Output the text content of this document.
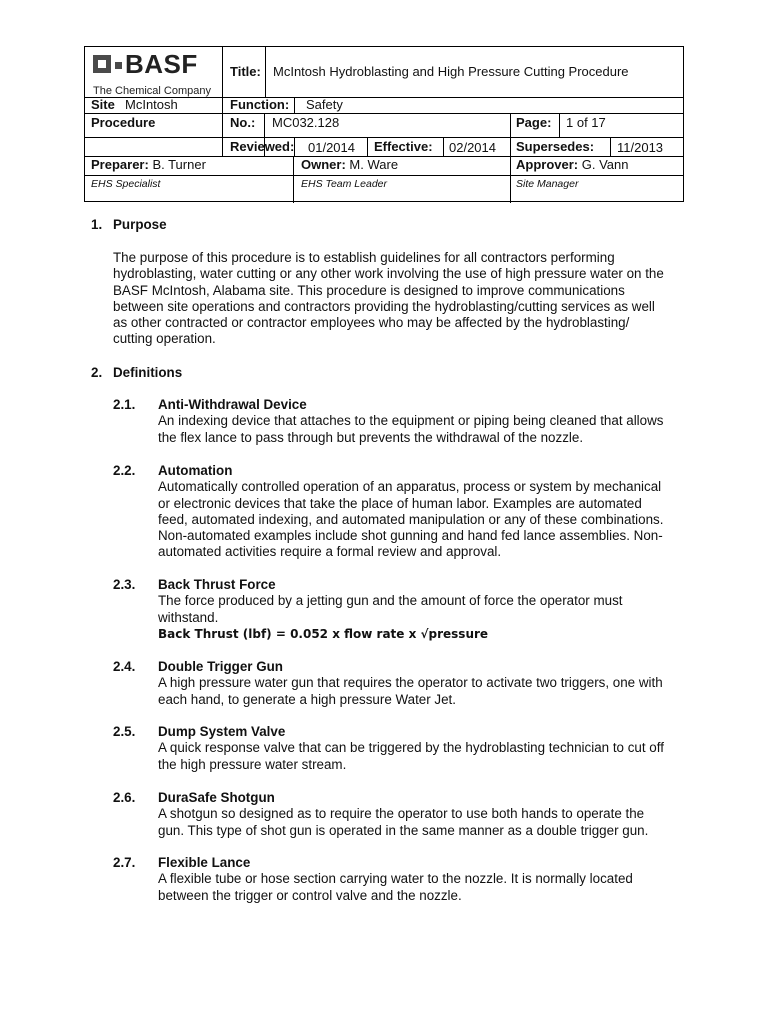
BASF
The Chemical Company
Title: McIntosh Hydroblasting and High Pressure Cutting Procedure
Site McIntosh	Function: Safety
Procedure	No.: MC032.128	Page: 1 of 17
Reviewed: 01/2014 Effective: 02/2014 Supersedes: 11/2013
Preparer: B. Turner	Owner: M. Ware	Approver: G. Vann
EHS Specialist	EHS Team Leader	Site Manager
1. Purpose
The purpose of this procedure is to establish guidelines for all contractors performing
hydroblasting, water cutting or any other work involving the use of high pressure water on the
BASF McIntosh, Alabama site. This procedure is designed to improve communications
between site operations and contractors providing the hydroblasting/cutting services as well
as other contracted or contractor employees who may be affected by the hydroblasting/
cutting operation.
2. Definitions
2.1. Anti-Withdrawal Device
An indexing device that attaches to the equipment or piping being cleaned that allows
the flex lance to pass through but prevents the withdrawal of the nozzle.
2.2. Automation
Automatically controlled operation of an apparatus, process or system by mechanical
or electronic devices that take the place of human labor. Examples are automated
feed, automated indexing, and automated manipulation or any of these combinations.
Non-automated examples include shot gunning and hand fed lance assemblies. Non-
automated activities require a formal review and approval.
2.3. Back Thrust Force
The force produced by a jetting gun and the amount of force the operator must
withstand.
Back Thrust (lbf) = 0.052 x flow rate x √pressure
2.4. Double Trigger Gun
A high pressure water gun that requires the operator to activate two triggers, one with
each hand, to generate a high pressure Water Jet.
2.5. Dump System Valve
A quick response valve that can be triggered by the hydroblasting technician to cut off
the high pressure water stream.
2.6. DuraSafe Shotgun
A shotgun so designed as to require the operator to use both hands to operate the
gun. This type of shot gun is operated in the same manner as a double trigger gun.
2.7. Flexible Lance
A flexible tube or hose section carrying water to the nozzle. It is normally located
between the trigger or control valve and the nozzle.
